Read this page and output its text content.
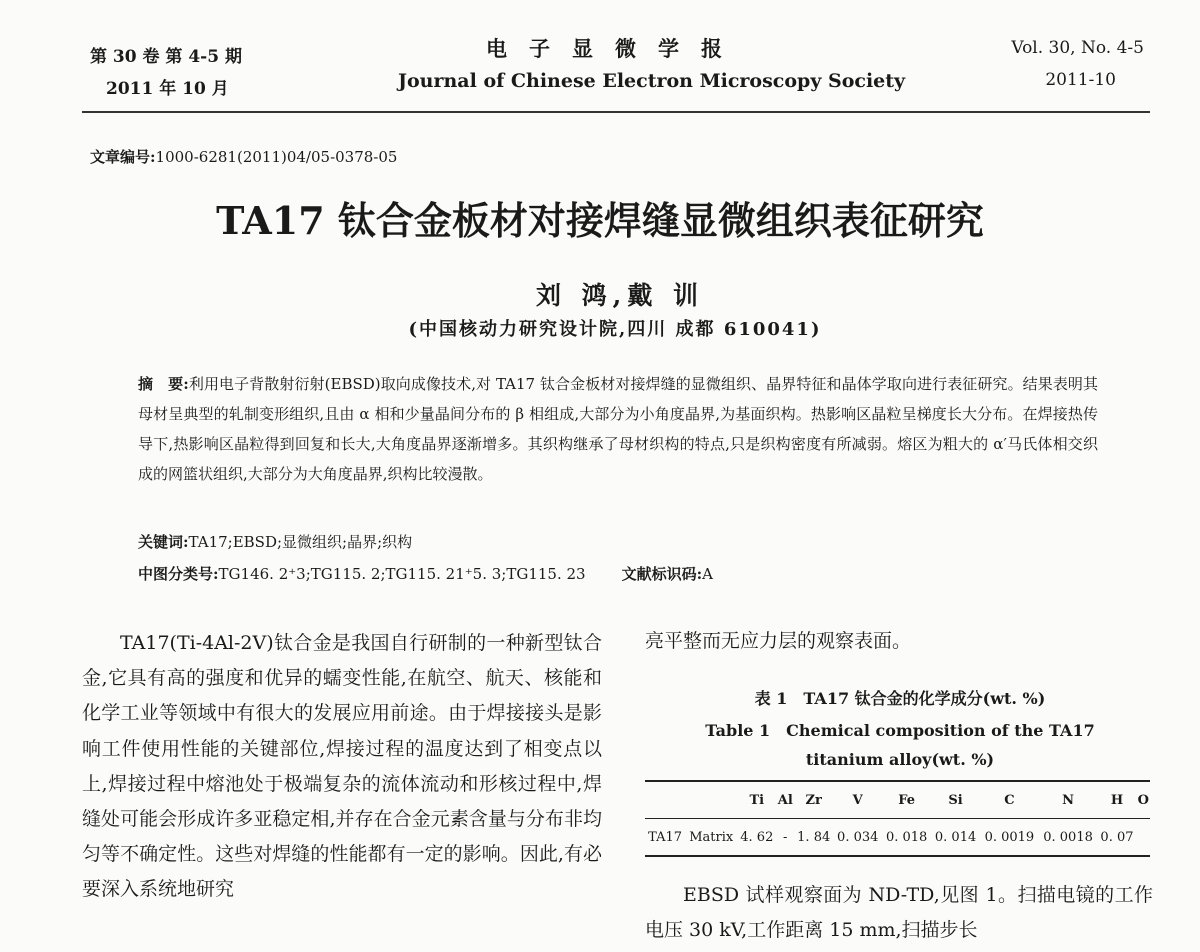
第 30 卷 第 4-5 期
2011 年 10 月
电子显微学报
Journal of Chinese Electron Microscopy Society
Vol. 30, No. 4-5
2011-10
文章编号:1000-6281(2011)04/05-0378-05
TA17 钛合金板材对接焊缝显微组织表征研究
刘 鸿,戴 训
(中国核动力研究设计院,四川 成都 610041)
摘　要:利用电子背散射衍射(EBSD)取向成像技术,对 TA17 钛合金板材对接焊缝的显微组织、晶界特征和晶体学取向进行表征研究。结果表明其母材呈典型的轧制变形组织,且由 α 相和少量晶间分布的 β 相组成,大部分为小角度晶界,为基面织构。热影响区晶粒呈梯度长大分布。在焊接热传导下,热影响区晶粒得到回复和长大,大角度晶界逐渐增多。其织构继承了母材织构的特点,只是织构密度有所减弱。熔区为粗大的 α′马氏体相交织成的网篮状组织,大部分为大角度晶界,织构比较漫散。
关键词:TA17;EBSD;显微组织;晶界;织构
中图分类号:TG146. 2⁺3;TG115. 2;TG115. 21⁺5. 3;TG115. 23 文献标识码:A
TA17(Ti-4Al-2V)钛合金是我国自行研制的一种新型钛合金,它具有高的强度和优异的蠕变性能,在航空、航天、核能和化学工业等领域中有很大的发展应用前途。由于焊接接头是影响工件使用性能的关键部位,焊接过程的温度达到了相变点以上,焊接过程中熔池处于极端复杂的流体流动和形核过程中,焊缝处可能会形成许多亚稳定相,并存在合金元素含量与分布非均匀等不确定性。这些对焊缝的性能都有一定的影响。因此,有必要深入系统地研究
亮平整而无应力层的观察表面。
表 1　TA17 钛合金的化学成分(wt. %)
Table 1　Chemical composition of the TA17
titanium alloy(wt. %)
		Ti	Al	Zr	V	Fe	Si	C	N	H	O
TA17	Matrix	4. 62	-	1. 84	0. 034	0. 018	0. 014	0. 0019	0. 0018	0. 07	
EBSD 试样观察面为 ND-TD,见图 1。扫描电镜的工作电压 30 kV,工作距离 15 mm,扫描步长
